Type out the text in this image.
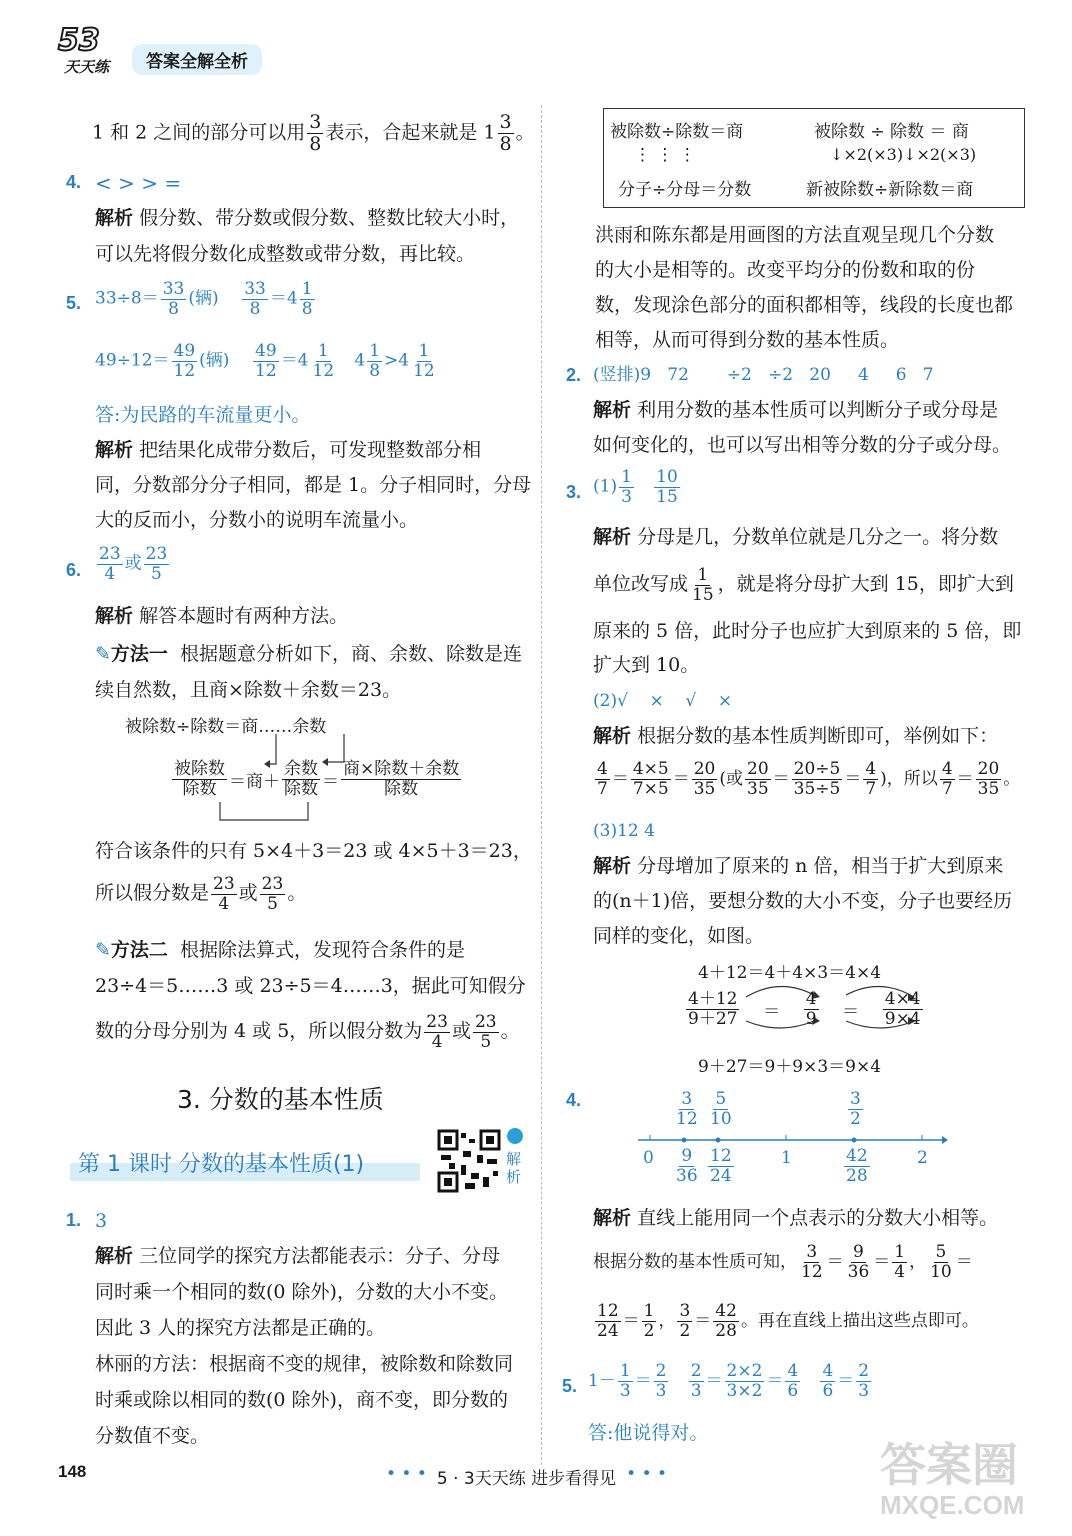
53
天天练	答案全解全析
1 和 2 之间的部分可以用 $\frac{3}{8}$ 表示，合起来就是 $1 \frac{3}{8}$ 。
4. < > > =
解析 假分数、带分数或假分数、整数比较大小时，
可以先将假分数化成整数或带分数，再比较。
5. $33\div 8= \frac{33}{8}$ (辆) $\frac{33}{8} =4 \frac{1}{8}$
$49\div 12= \frac{49}{12}$ (辆) $\frac{49}{12} =4 \frac{1}{12} 4 \frac{1}{8} >4 \frac{1}{12}$
答:为民路的车流量更小。
解析 把结果化成带分数后，可发现整数部分相
同，分数部分分子相同，都是 1。分子相同时，分母
大的反而小，分数小的说明车流量小。
6. $\frac{23}{4}$ 或 $\frac{23}{5}$
解析 解答本题时有两种方法。
✎方法一 根据题意分析如下，商、余数、除数是连
续自然数，且商×除数＋余数＝23。
被除数÷除数＝商……余数
$\frac{\text{被除数}}{\text{除数}}$ ＝商＋ $\frac{\text{余数}}{\text{除数}} = \frac{\text{商×除数＋余数}}{\text{除数}}$
符合该条件的只有 5×4＋3＝23 或 4×5＋3＝23，
所以假分数是 $\frac{23}{4}$ 或 $\frac{23}{5}$ 。
✎方法二 根据除法算式，发现符合条件的是
23÷4＝5……3 或 23÷5＝4……3，据此可知假分
数的分母分别为 4 或 5，所以假分数为 $\frac{23}{4}$ 或 $\frac{23}{5}$ 。
3. 分数的基本性质
第 1 课时 分数的基本性质(1)	解析
1. 3
解析 三位同学的探究方法都能表示：分子、分母
同时乘一个相同的数(0 除外)，分数的大小不变。
因此 3 人的探究方法都是正确的。
林丽的方法：根据商不变的规律，被除数和除数同
时乘或除以相同的数(0 除外)，商不变，即分数的
分数值不变。
被除数÷除数＝商	被除数 ÷ 除数 ＝ 商
⋮ ⋮ ⋮	↓×2(×3)↓×2(×3)
分子÷分母＝分数	新被除数÷新除数＝商
洪雨和陈东都是用画图的方法直观呈现几个分数
的大小是相等的。改变平均分的份数和取的份
数，发现涂色部分的面积都相等，线段的长度也都
相等，从而可得到分数的基本性质。
2. (竖排)9   72       ÷2   ÷2   20     4     6   7
解析 利用分数的基本性质可以判断分子或分母是
如何变化的，也可以写出相等分数的分子或分母。
3. $(1) \frac{1}{3}$
$\frac{10}{15}$
解析 分母是几，分数单位就是几分之一。将分数
单位改写成 $\frac{1}{15}$ ，就是将分母扩大到 15，即扩大到
原来的 5 倍，此时分子也应扩大到原来的 5 倍，即
扩大到 10。
(2)√    ×    √    ×
解析 根据分数的基本性质判断即可，举例如下：
$\frac{4}{7} = \frac{4\times 5}{7\times 5} = \frac{20}{35}$ (或 $\frac{20}{35} = \frac{20\div 5}{35\div 5} = \frac{4}{7}$ )，所以 $\frac{4}{7} = \frac{20}{35}$ 。
(3)12 4
解析 分母增加了原来的 n 倍，相当于扩大到原来
的(n＋1)倍，要想分数的大小不变，分子也要经历
同样的变化，如图。
4＋12＝4＋4×3＝4×4
$\frac{4+12}{9+27} = \frac{4}{9} = \frac{4\times 4}{9\times 4}$
9＋27＝9＋9×3＝9×4
4.	$\frac{3}{12} \frac{5}{10}$	$\frac{3}{2}$
0	1	2
$\frac{9}{36} \frac{12}{24}$	$\frac{42}{28}$
解析 直线上能用同一个点表示的分数大小相等。
根据分数的基本性质可知， $\frac{3}{12} = \frac{9}{36} = \frac{1}{4}$ ， $\frac{5}{10}$ ＝
$\frac{12}{24} = \frac{1}{2}$ ， $\frac{3}{2} = \frac{42}{28}$ 。再在直线上描出这些点即可。
5. $1- \frac{1}{3} = \frac{2}{3}$
$\frac{2}{3} = \frac{2\times 2}{3\times 2} = \frac{4}{6}$
$\frac{4}{6} = \frac{2}{3}$
答:他说得对。
148	• • • 5 · 3天天练 进步看得见 • • •	答案圈
MXQE.COM
